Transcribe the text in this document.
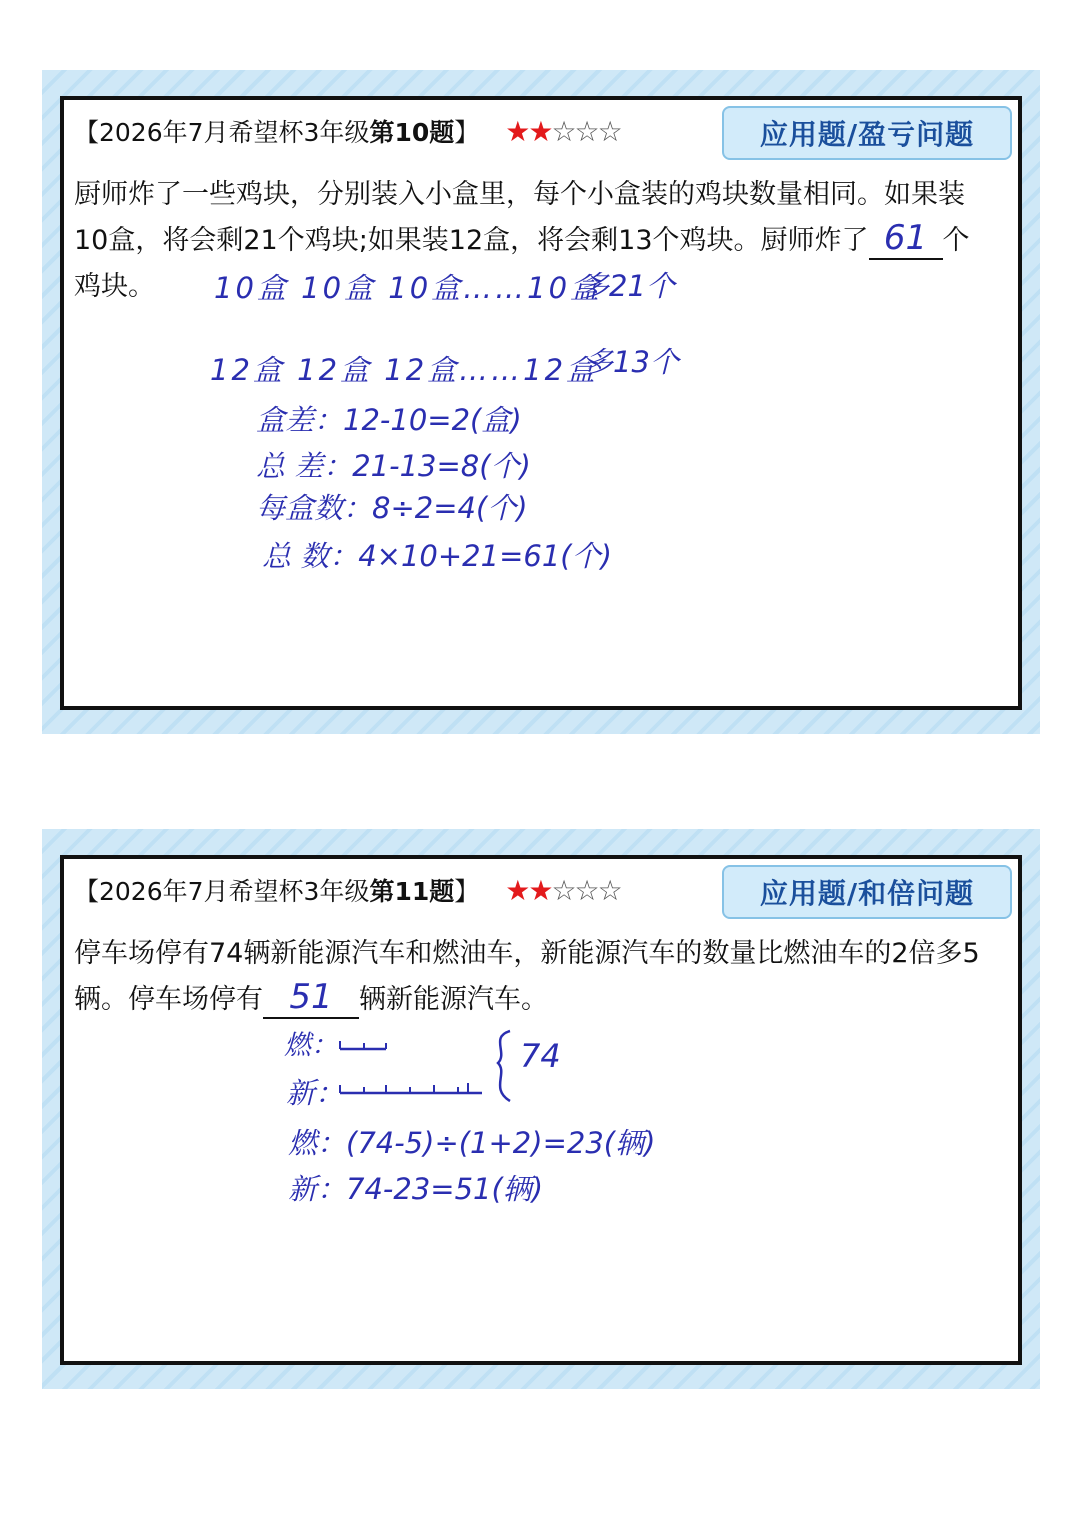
【2026年7月希望杯3年级第10题】 ★★☆☆☆	应用题/盈亏问题
厨师炸了一些鸡块，分别装入小盒里，每个小盒装的鸡块数量相同。如果装10盒，将会剩21个鸡块;如果装12盒，将会剩13个鸡块。厨师炸了 61 个鸡块。	10盒 10盒 10盒……10盒
多21个
12盒 12盒 12盒……12盒
多13个
盒差：12-10=2(盒)
总 差：21-13=8(个)
每盒数：8÷2=4(个)
总 数：4×10+21=61(个)
【2026年7月希望杯3年级第11题】 ★★☆☆☆	应用题/和倍问题
停车场停有74辆新能源汽车和燃油车，新能源汽车的数量比燃油车的2倍多5辆。停车场停有 51 辆新能源汽车。
燃：
新：
74
燃：(74-5)÷(1+2)=23(辆)
新：74-23=51(辆)
